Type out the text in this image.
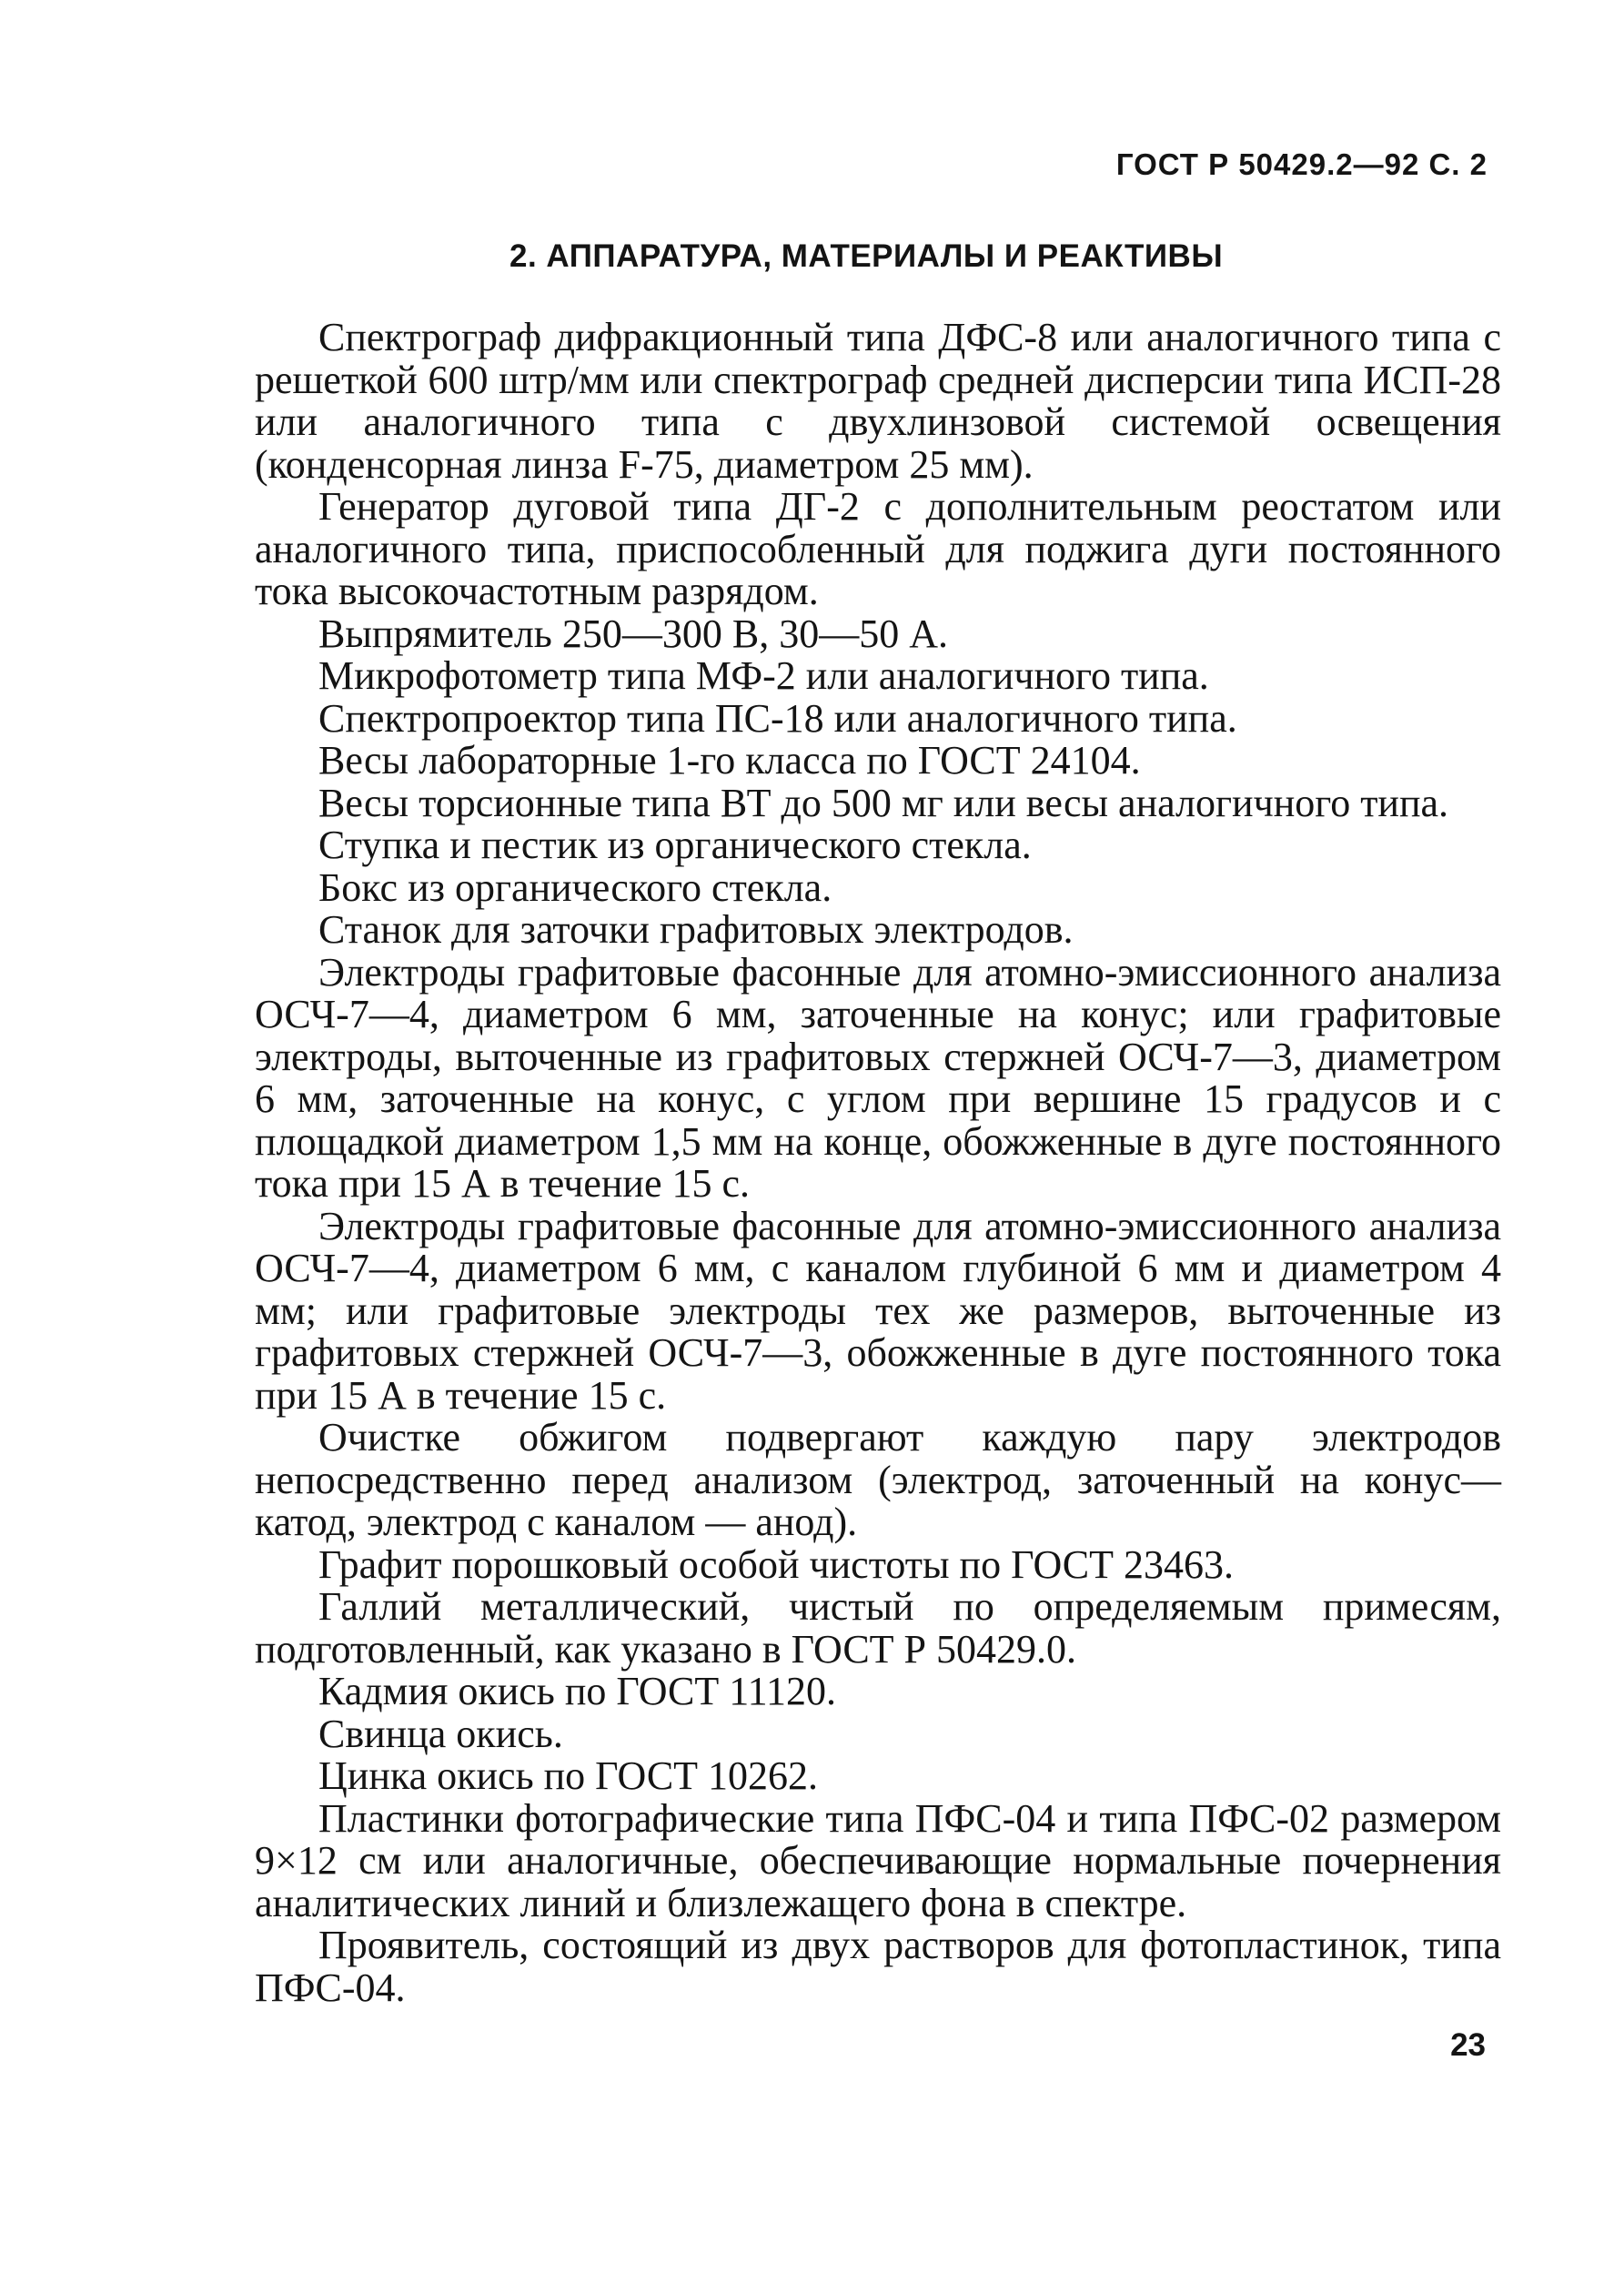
ГОСТ Р 50429.2—92 С. 2
2. АППАРАТУРА, МАТЕРИАЛЫ И РЕАКТИВЫ

Спектрограф дифракционный типа ДФС-8 или аналогичного типа с решеткой 600 штр/мм или спектрограф средней дисперсии типа ИСП-28 или аналогичного типа с двухлинзовой системой освещения (конденсорная линза F-75, диаметром 25 мм).

Генератор дуговой типа ДГ-2 с дополнительным реостатом или аналогичного типа, приспособленный для поджига дуги постоянного тока высокочастотным разрядом.

Выпрямитель 250—300 В, 30—50 А.

Микрофотометр типа МФ-2 или аналогичного типа.

Спектропроектор типа ПС-18 или аналогичного типа.

Весы лабораторные 1-го класса по ГОСТ 24104.

Весы торсионные типа ВТ до 500 мг или весы аналогичного типа.

Ступка и пестик из органического стекла.

Бокс из органического стекла.

Станок для заточки графитовых электродов.

Электроды графитовые фасонные для атомно-эмиссионного анализа ОСЧ-7—4, диаметром 6 мм, заточенные на конус; или графитовые электроды, выточенные из графитовых стержней ОСЧ-7—3, диаметром 6 мм, заточенные на конус, с углом при вершине 15 градусов и с площадкой диаметром 1,5 мм на конце, обожженные в дуге постоянного тока при 15 А в течение 15 с.

Электроды графитовые фасонные для атомно-эмиссионного анализа ОСЧ-7—4, диаметром 6 мм, с каналом глубиной 6 мм и диаметром 4 мм; или графитовые электроды тех же размеров, выточенные из графитовых стержней ОСЧ-7—3, обожженные в дуге постоянного тока при 15 А в течение 15 с.

Очистке обжигом подвергают каждую пару электродов непосредственно перед анализом (электрод, заточенный на конус—катод, электрод с каналом — анод).

Графит порошковый особой чистоты по ГОСТ 23463.

Галлий металлический, чистый по определяемым примесям, подготовленный, как указано в ГОСТ Р 50429.0.

Кадмия окись по ГОСТ 11120.

Свинца окись.

Цинка окись по ГОСТ 10262.

Пластинки фотографические типа ПФС-04 и типа ПФС-02 размером 9×12 см или аналогичные, обеспечивающие нормальные почернения аналитических линий и близлежащего фона в спектре.

Проявитель, состоящий из двух растворов для фотопластинок, типа ПФС-04.

23
